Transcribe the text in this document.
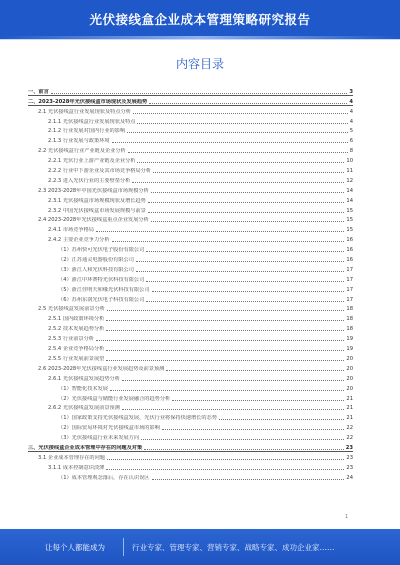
光伏接线盒企业成本管理策略研究报告
内容目录
一、前言	3
二、2023-2028年光伏接线盒市场现状及发展趋势	4
2.1 光伏接线盒行业发展现状及特点分析	4
2.1.1 光伏接线盒行业发展现状及特点	4
2.1.2 行业发展对国内行业的影响	5
2.1.3 行业发展与政策环境	6
2.2 光伏接线盒行业产业链及企业分析	8
2.2.1 光伏行业上游产业链及企业分析	10
2.2.2 行业中下游企业及其市场竞争格局分析	11
2.2.3 进入光伏行业的主要壁垒分析	12
2.3 2023-2028年中国光伏接线盒市场规模分析	14
2.3.1 光伏接线盒市场规模现状及增长趋势	14
2.3.2 中国光伏接线盒市场发展规模与前景	15
2.4 2023-2028年光伏接线盒重点企业发展分析	15
2.4.1 市场竞争格局	15
2.4.2 主要企业竞争力分析	16
（1）苏州快可光伏电子股份有限公司	16
（2）江苏通灵电器股份有限公司	16
（3）浙江人和光伏科技有限公司	17
（4）浙江中环赛特光伏科技有限公司	17
（5）浙江佳明天和缘光伏科技有限公司	17
（6）苏州东润光伏电子科技有限公司	17
2.5 光伏接线盒发展前景分析	18
2.5.1 国内政策环境分析	18
2.5.2 技术发展趋势分析	18
2.5.3 行业前景分析	19
2.5.4 企业竞争格局分析	19
2.5.5 行业发展前景展望	20
2.6 2023-2028年光伏接线盒行业发展趋势及前景预测	20
2.6.1 光伏接线盒发展趋势分析	20
（1）智能化技术发展	20
（2）光伏接线盒与储能行业发展融合的趋势分析	21
2.6.2 光伏接线盒发展前景预测	21
（1）国家政策支持光伏接线盒发展，光伏行业将保持快速增长的态势	21
（2）国际贸易环境对光伏接线盒市场的影响	22
（3）光伏接线盒行业未来发展方向	22
三、光伏接线盒企业成本管理中存在的问题及对策	23
3.1 企业成本管理存在的问题	23
3.1.1 成本控制意识淡薄	23
（1）成本管理观念落后，存在认识误区	24
1
让每个人都能成为	行业专家、管理专家、营销专家、战略专家、成功企业家……
